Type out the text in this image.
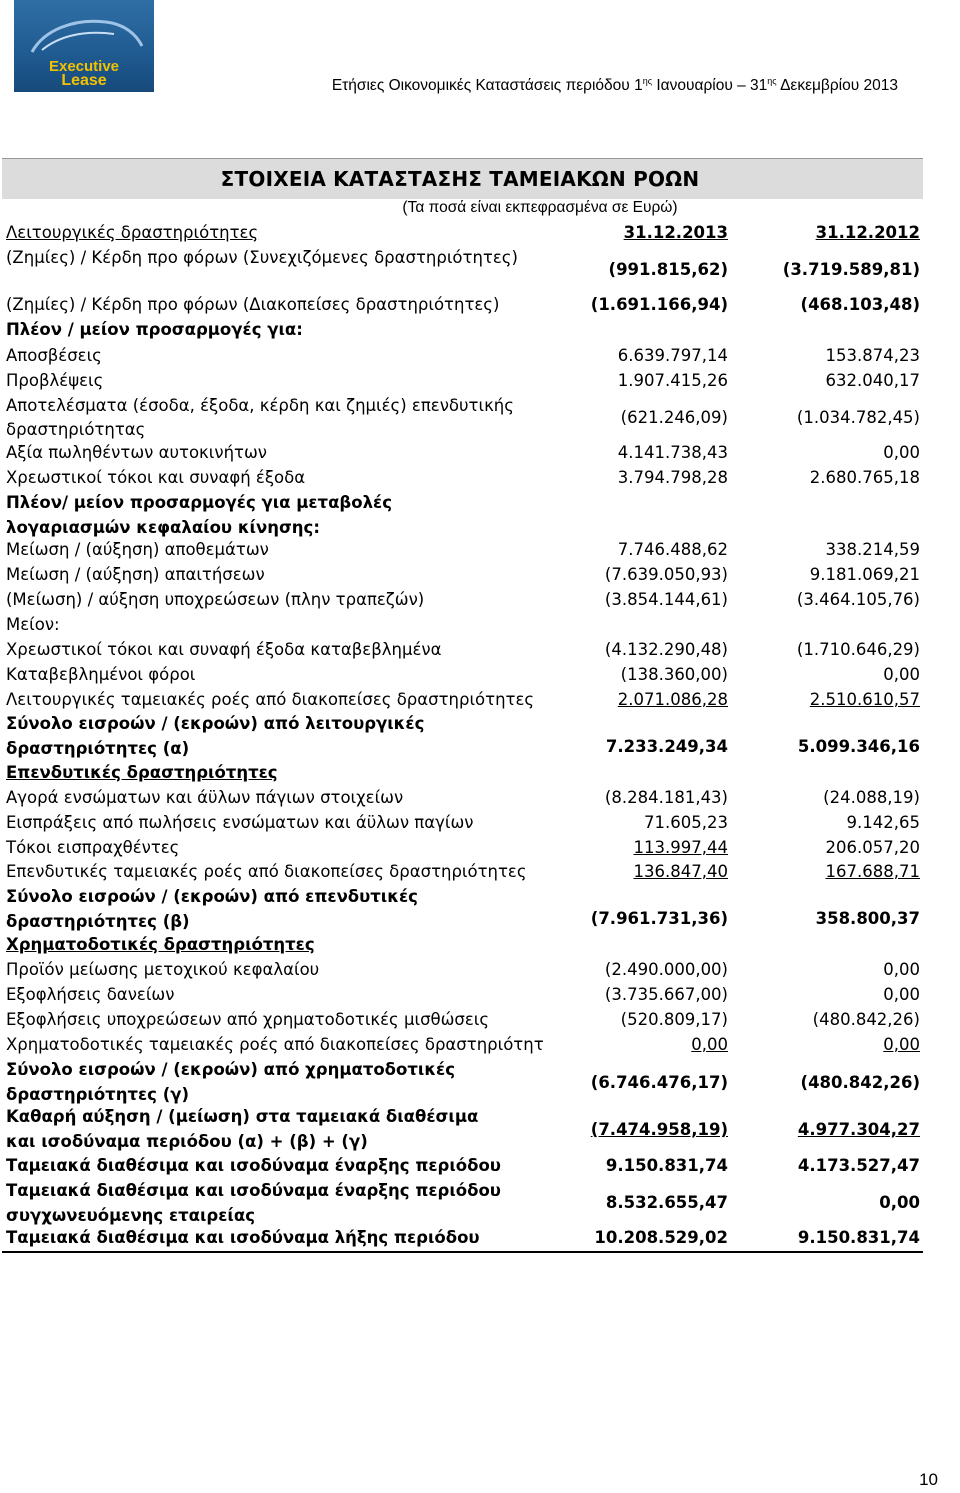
Executive
Lease	Ετήσιες Οικονομικές Καταστάσεις περιόδου $1^{\eta\varsigma}$ Ιανουαρίου – $31^{\eta\varsigma}$ Δεκεμβρίου 2013
ΣΤΟΙΧΕΙΑ ΚΑΤΑΣΤΑΣΗΣ ΤΑΜΕΙΑΚΩΝ ΡΟΩΝ
(Τα ποσά είναι εκπεφρασμένα σε Ευρώ)
Λειτουργικές δραστηριότητες	31.12.2013	31.12.2012
(Ζημίες) / Κέρδη προ φόρων (Συνεχιζόμενες δραστηριότητες)
(991.815,62)	(3.719.589,81)
(Ζημίες) / Κέρδη προ φόρων (Διακοπείσες δραστηριότητες)	(1.691.166,94)	(468.103,48)
Πλέον / μείον προσαρμογές για:
Αποσβέσεις	6.639.797,14	153.874,23
Προβλέψεις	1.907.415,26	632.040,17
Αποτελέσματα (έσοδα, έξοδα, κέρδη και ζημιές) επενδυτικής
δραστηριότητας
(621.246,09)	(1.034.782,45)
Αξία πωληθέντων αυτοκινήτων	4.141.738,43	0,00
Χρεωστικοί τόκοι και συναφή έξοδα	3.794.798,28	2.680.765,18
Πλέον/ μείον προσαρμογές για μεταβολές
λογαριασμών κεφαλαίου κίνησης:
Μείωση / (αύξηση) αποθεμάτων	7.746.488,62	338.214,59
Μείωση / (αύξηση) απαιτήσεων	(7.639.050,93)	9.181.069,21
(Μείωση) / αύξηση υποχρεώσεων (πλην τραπεζών)	(3.854.144,61)	(3.464.105,76)
Μείον:
Χρεωστικοί τόκοι και συναφή έξοδα καταβεβλημένα	(4.132.290,48)	(1.710.646,29)
Καταβεβλημένοι φόροι	(138.360,00)	0,00
Λειτουργικές ταμειακές ροές από διακοπείσες δραστηριότητες	2.071.086,28	2.510.610,57
Σύνολο εισροών / (εκροών) από λειτουργικές
δραστηριότητες (α)	7.233.249,34	5.099.346,16
Επενδυτικές δραστηριότητες
Αγορά ενσώματων και άϋλων πάγιων στοιχείων	(8.284.181,43)	(24.088,19)
Εισπράξεις από πωλήσεις ενσώματων και άϋλων παγίων	71.605,23	9.142,65
Τόκοι εισπραχθέντες	113.997,44	206.057,20
Επενδυτικές ταμειακές ροές από διακοπείσες δραστηριότητες	136.847,40	167.688,71
Σύνολο εισροών / (εκροών) από επενδυτικές
δραστηριότητες (β)	(7.961.731,36)	358.800,37
Χρηματοδοτικές δραστηριότητες
Προϊόν μείωσης μετοχικού κεφαλαίου	(2.490.000,00)	0,00
Εξοφλήσεις δανείων	(3.735.667,00)	0,00
Εξοφλήσεις υποχρεώσεων από χρηματοδοτικές μισθώσεις	(520.809,17)	(480.842,26)
Χρηματοδοτικές ταμειακές ροές από διακοπείσες δραστηριότητ	0,00	0,00
Σύνολο εισροών / (εκροών) από χρηματοδοτικές
δραστηριότητες (γ)
(6.746.476,17)	(480.842,26)
Καθαρή αύξηση / (μείωση) στα ταμειακά διαθέσιμα
και ισοδύναμα περιόδου (α) + (β) + (γ)
(7.474.958,19)	4.977.304,27
Ταμειακά διαθέσιμα και ισοδύναμα έναρξης περιόδου	9.150.831,74	4.173.527,47
Ταμειακά διαθέσιμα και ισοδύναμα έναρξης περιόδου
συγχωνευόμενης εταιρείας
8.532.655,47	0,00
Ταμειακά διαθέσιμα και ισοδύναμα λήξης περιόδου	10.208.529,02	9.150.831,74
10
